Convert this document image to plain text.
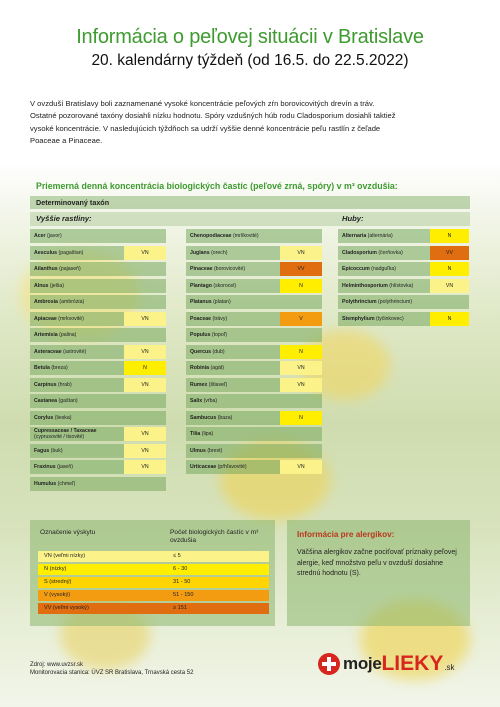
Informácia o peľovej situácii v Bratislave
20. kalendárny týždeň (od 16.5. do 22.5.2022)

V ovzduší Bratislavy boli zaznamenané vysoké koncentrácie peľových zŕn borovicovitých drevín a tráv.

Ostatné pozorované taxóny dosiahli nízku hodnotu. Spóry vzdušných húb rodu Cladosporium dosiahli taktiež

vysoké koncentrácie. V nasledujúcich týždňoch sa udrží vyššie denné koncentrácie peľu rastlín z čeľade

Poaceae a Pinaceae.

Priemerná denná koncentrácia biologických častíc (peľové zrná, spóry) v m³ ovzdušia:
Determinovaný taxón
Vyššie rastliny:	Huby:
Acer (javor)
Aesculus (pagaštan)	VN
Ailanthus (pajaseň)
Alnus (jelša)
Ambrosia (ambrózia)
Apiaceae (mrkvovité)	VN
Artemisia (palina)
Asteraceae (astrovité)	VN
Betula (breza)	N
Carpinus (hrab)	VN
Castanea (gaštan)
Corylus (lieska)
Cupressaceae / Taxaceae
(cyprusovité / tisovité)	VN
Fagus (buk)	VN
Fraxinus (jaseň)	VN
Humulus (chmeľ)
Chenopodiaceae (mrlíkovité)
Juglans (orech)	VN
Pinaceae (borovicovité)	VV
Plantago (skorocel)	N
Platanus (platan)
Poaceae (trávy)	V
Populus (topoľ)
Quercus (dub)	N
Robinia (agát)	VN
Rumex (štiaveľ)	VN
Salix (vŕba)
Sambucus (baza)	N
Tilia (lipa)
Ulmus (brest)
Urticaceae (pŕhľavovité)	VN
Alternaria (alternária)	N
Cladosporium (čerňovka)	VV
Epicoccum (nadguľka)	N
Helminthosporium (hlístovka)	VN
Polythrincium (polythrincium)
Stemphylium (tyčinkovec)	N
Označenie výskytu	Počet biologických častíc v m³ ovzdušia
VN (veľmi nízky)	≤ 5
N (nízky)	6 - 30
S (stredný)	31 - 50
V (vysoký)	51 - 150
VV (veľmi vysoký)	≥ 151
Informácia pre alergikov:
Väčšina alergikov začne pociťovať príznaky peľovej alergie, keď množstvo peľu v ovzduší dosiahne strednú hodnotu (S).
Zdroj: www.uvzsr.sk
Monitorovacia stanica: ÚVZ SR Bratislava, Trnavská cesta 52	moje LIEKY .sk
